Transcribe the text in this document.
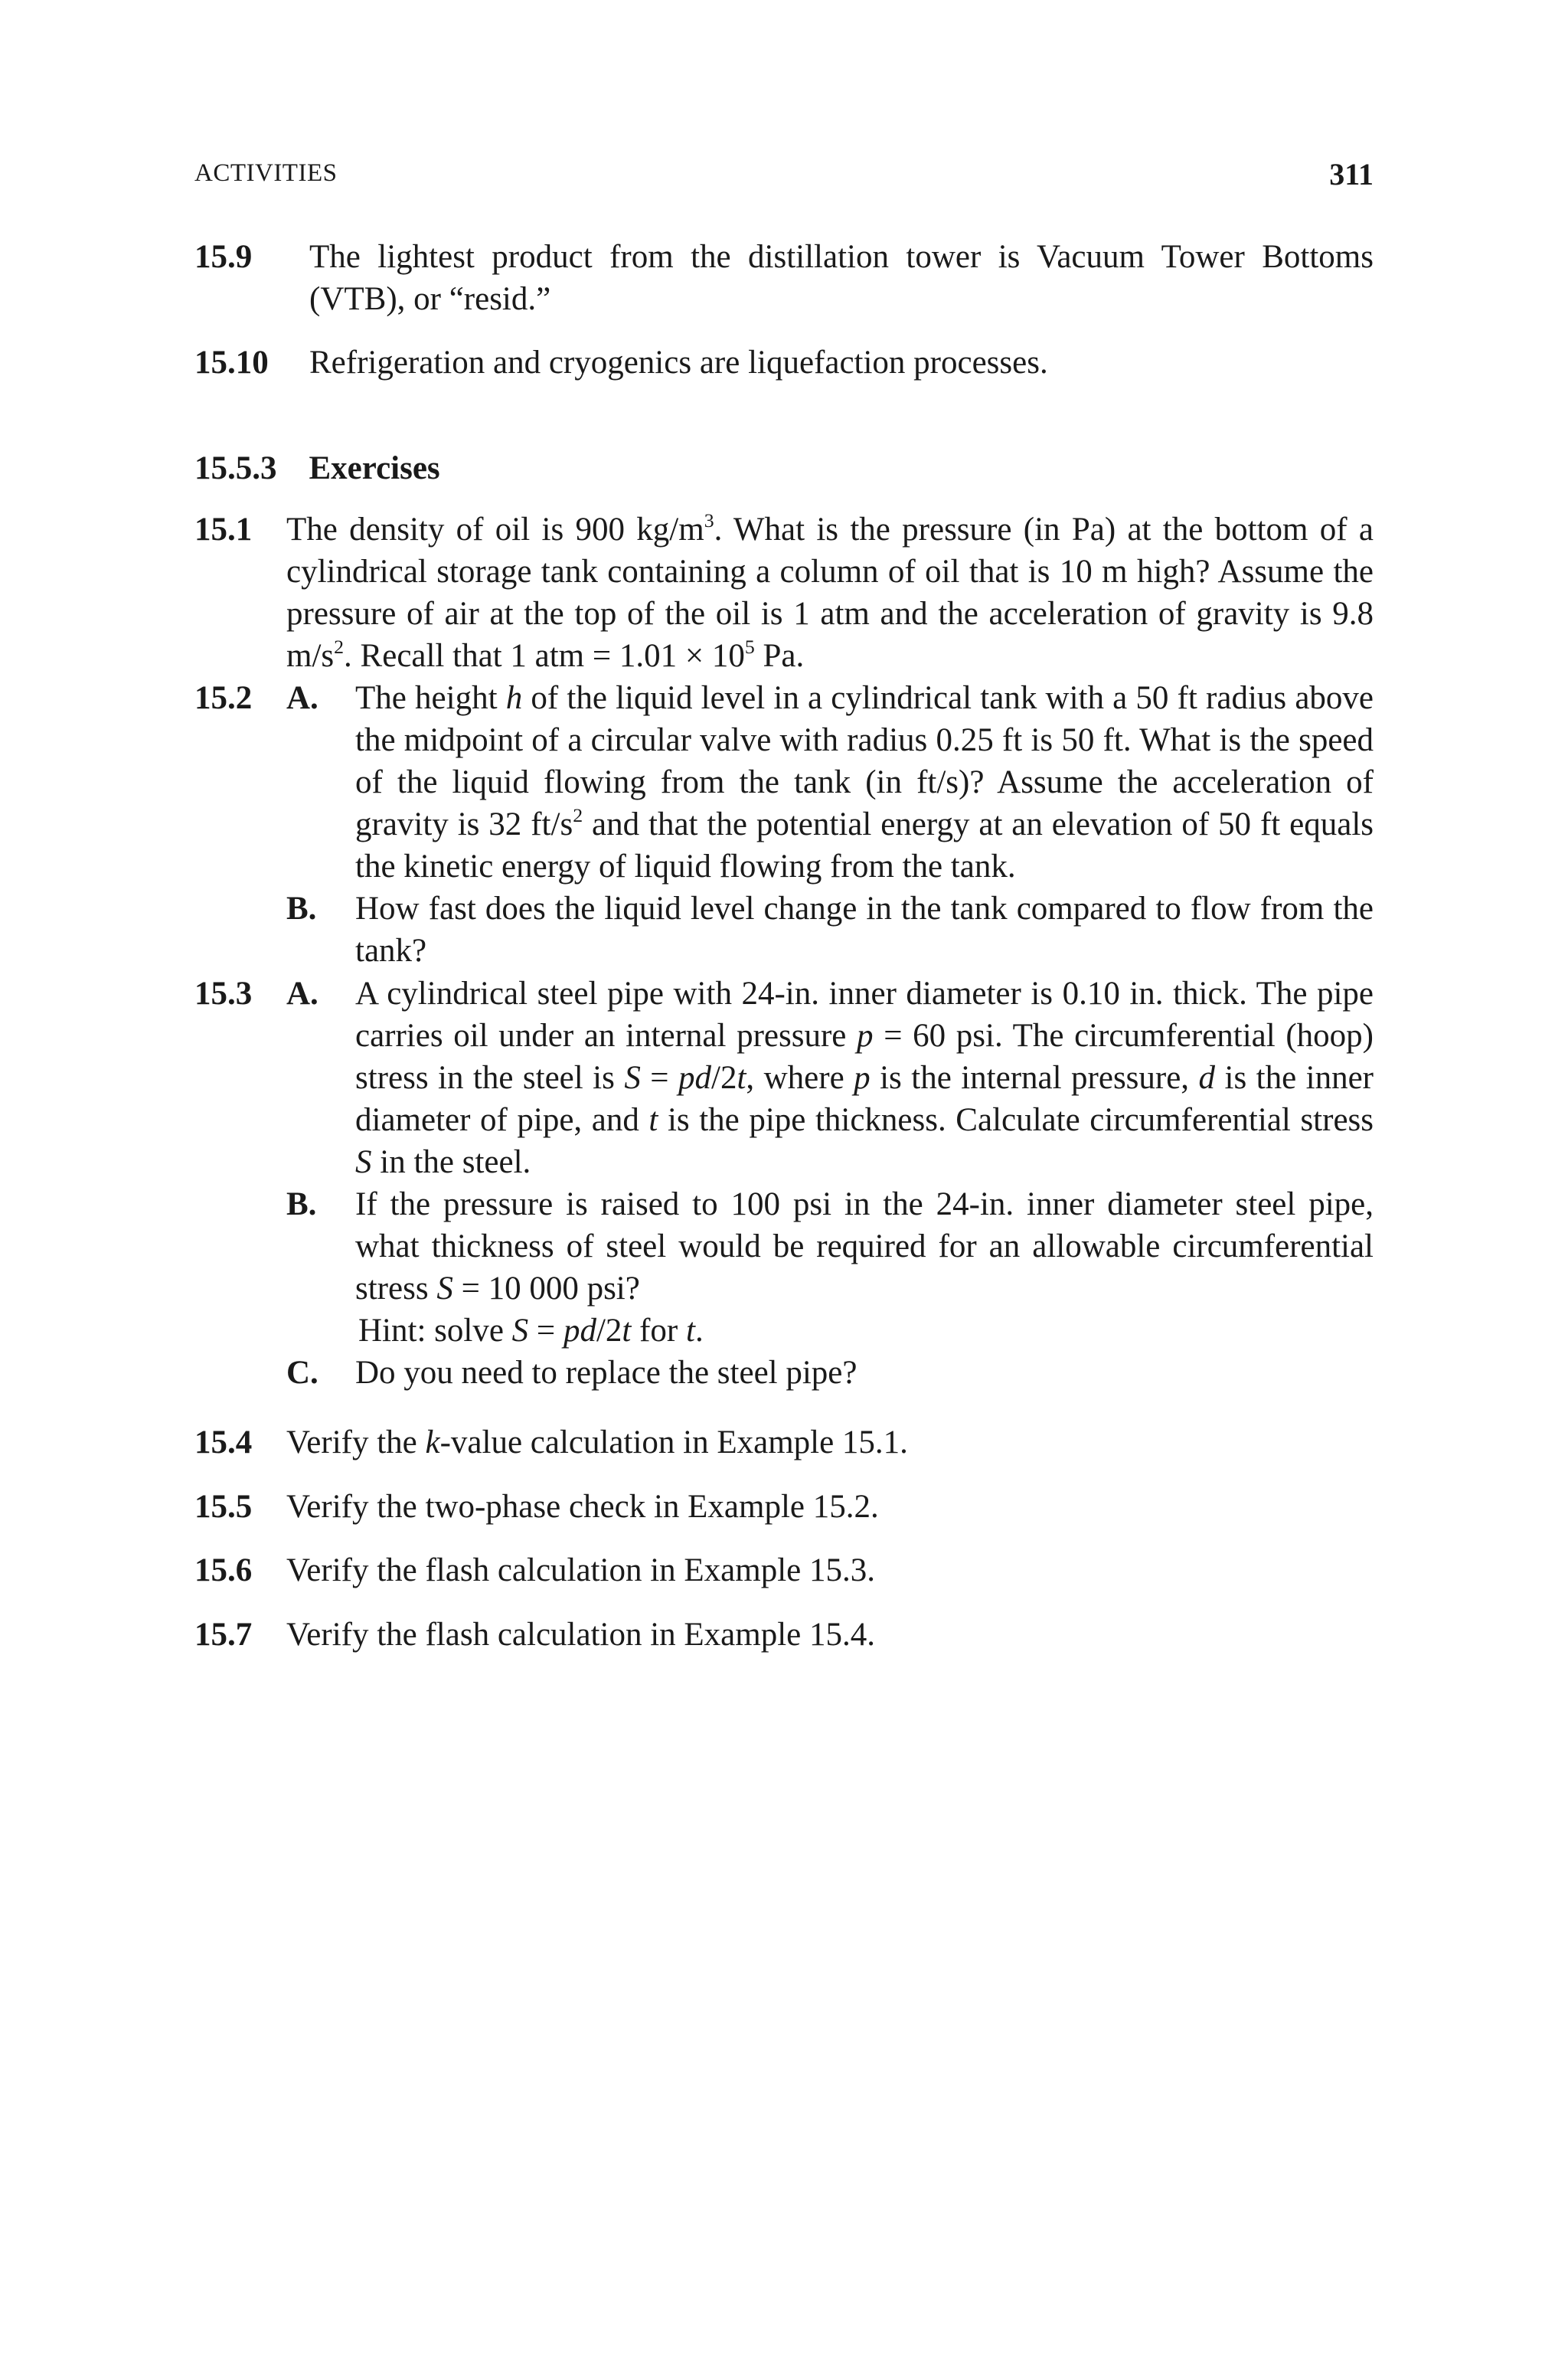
ACTIVITIES	311
15.9 The lightest product from the distillation tower is Vacuum Tower Bottoms (VTB), or “resid.”
15.10 Refrigeration and cryogenics are liquefaction processes.
15.5.3 Exercises
15.1 The density of oil is 900 $kg/m^3$. What is the pressure (in Pa) at the bottom of a cylindrical storage tank containing a column of oil that is 10 m high? Assume the pressure of air at the top of the oil is 1 atm and the acceleration of gravity is 9.8 $m/s^2$. Recall that 1 atm = $1.01 \times 10^5$ Pa.
15.2 A. The height h of the liquid level in a cylindrical tank with a 50 ft radius above the midpoint of a circular valve with radius 0.25 ft is 50 ft. What is the speed of the liquid flowing from the tank (in ft/s)? Assume the acceleration of gravity is 32 $ft/s^2$ and that the potential energy at an elevation of 50 ft equals the kinetic energy of liquid flowing from the tank.
B. How fast does the liquid level change in the tank compared to flow from the tank?
15.3 A. A cylindrical steel pipe with 24-in. inner diameter is 0.10 in. thick. The pipe carries oil under an internal pressure p = 60 psi. The circumferential (hoop) stress in the steel is S = pd/2t, where p is the internal pressure, d is the inner diameter of pipe, and t is the pipe thickness. Calculate circumferential stress S in the steel.
B. If the pressure is raised to 100 psi in the 24-in. inner diameter steel pipe, what thickness of steel would be required for an allowable circumferential stress S = 10 000 psi?
Hint: solve S = pd/2t for t.
C. Do you need to replace the steel pipe?
15.4 Verify the k-value calculation in Example 15.1.
15.5 Verify the two-phase check in Example 15.2.
15.6 Verify the flash calculation in Example 15.3.
15.7 Verify the flash calculation in Example 15.4.
